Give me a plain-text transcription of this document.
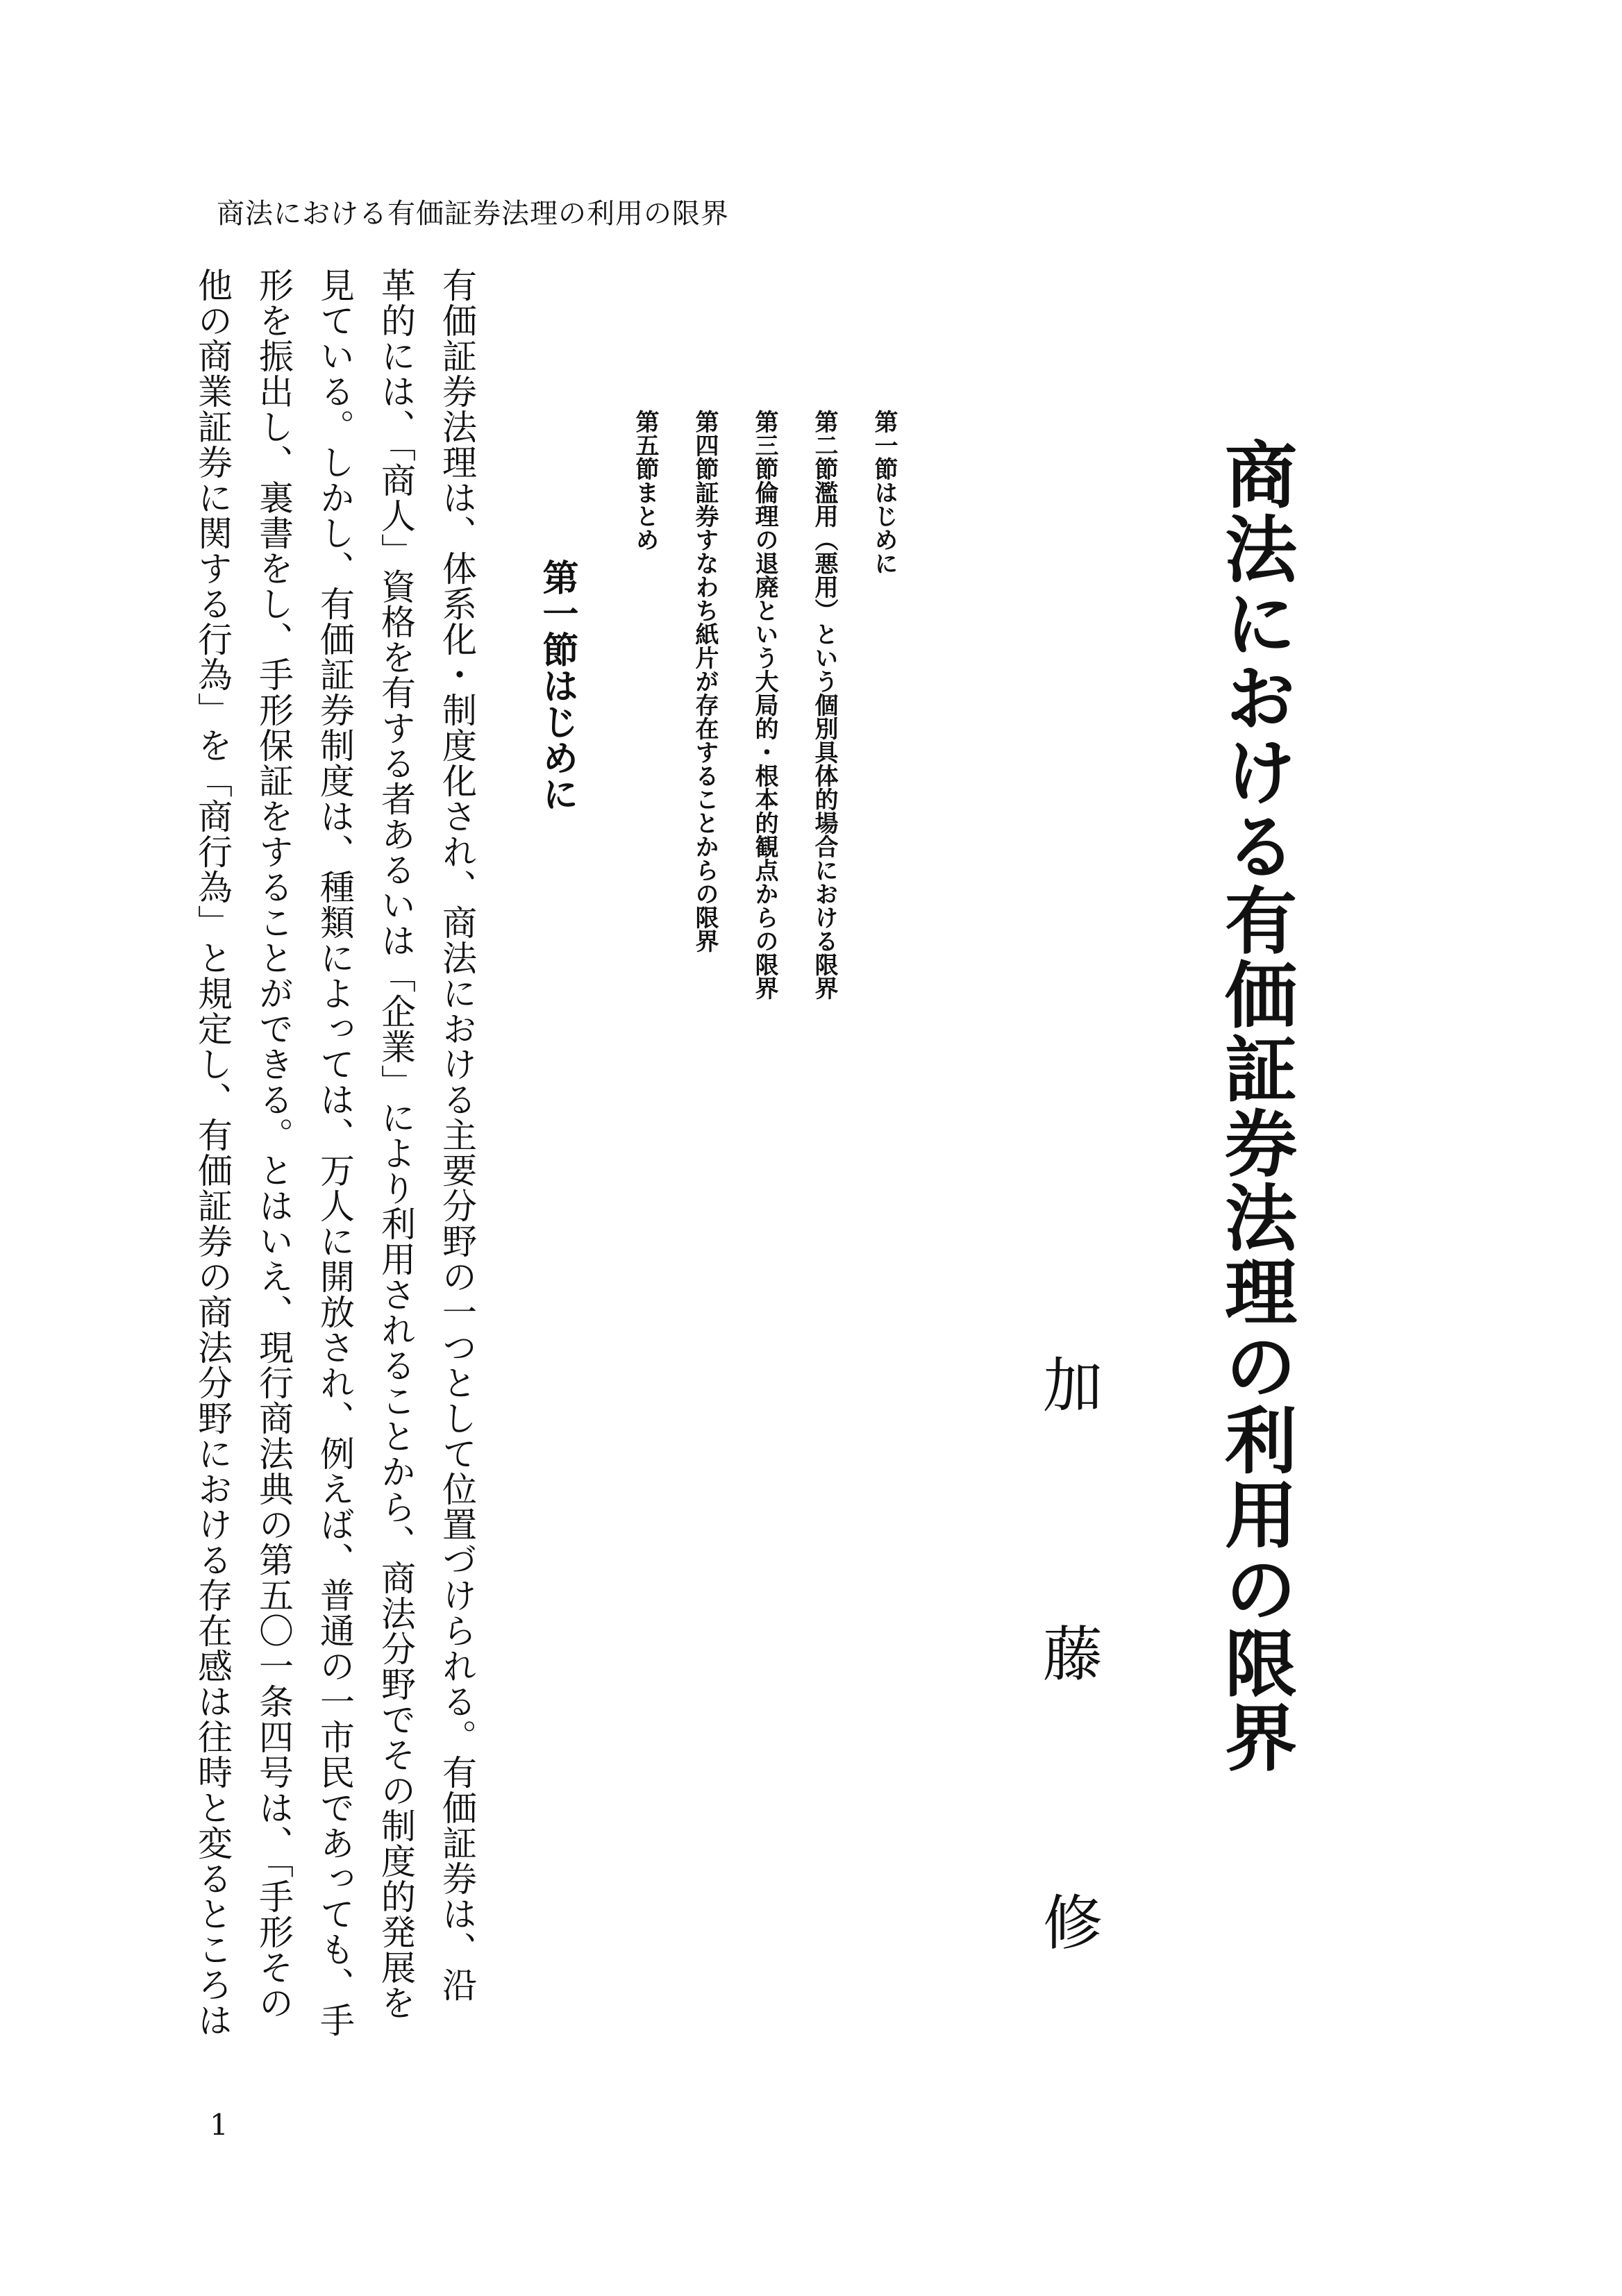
商法における有価証券法理の利用の限界

商法における有価証券法理の利用の限界
加
藤
修
第一節はじめに
第二節濫用（悪用）という個別具体的場合における限界
第三節倫理の退廃という大局的・根本的観点からの限界
第四節証券すなわち紙片が存在することからの限界
第五節まとめ
第一節はじめに
有価証券法理は、体系化・制度化され、商法における主要分野の一つとして位置づけられる。有価証券は、沿
革的には、「商人」資格を有する者あるいは「企業」により利用されることから、商法分野でその制度的発展を
見ている。しかし、有価証券制度は、種類によっては、万人に開放され、例えば、普通の一市民であっても、手
形を振出し、裏書をし、手形保証をすることができる。とはいえ、現行商法典の第五〇一条四号は、「手形その
他の商業証券に関する行為」を「商行為」と規定し、有価証券の商法分野における存在感は往時と変るところは

1
